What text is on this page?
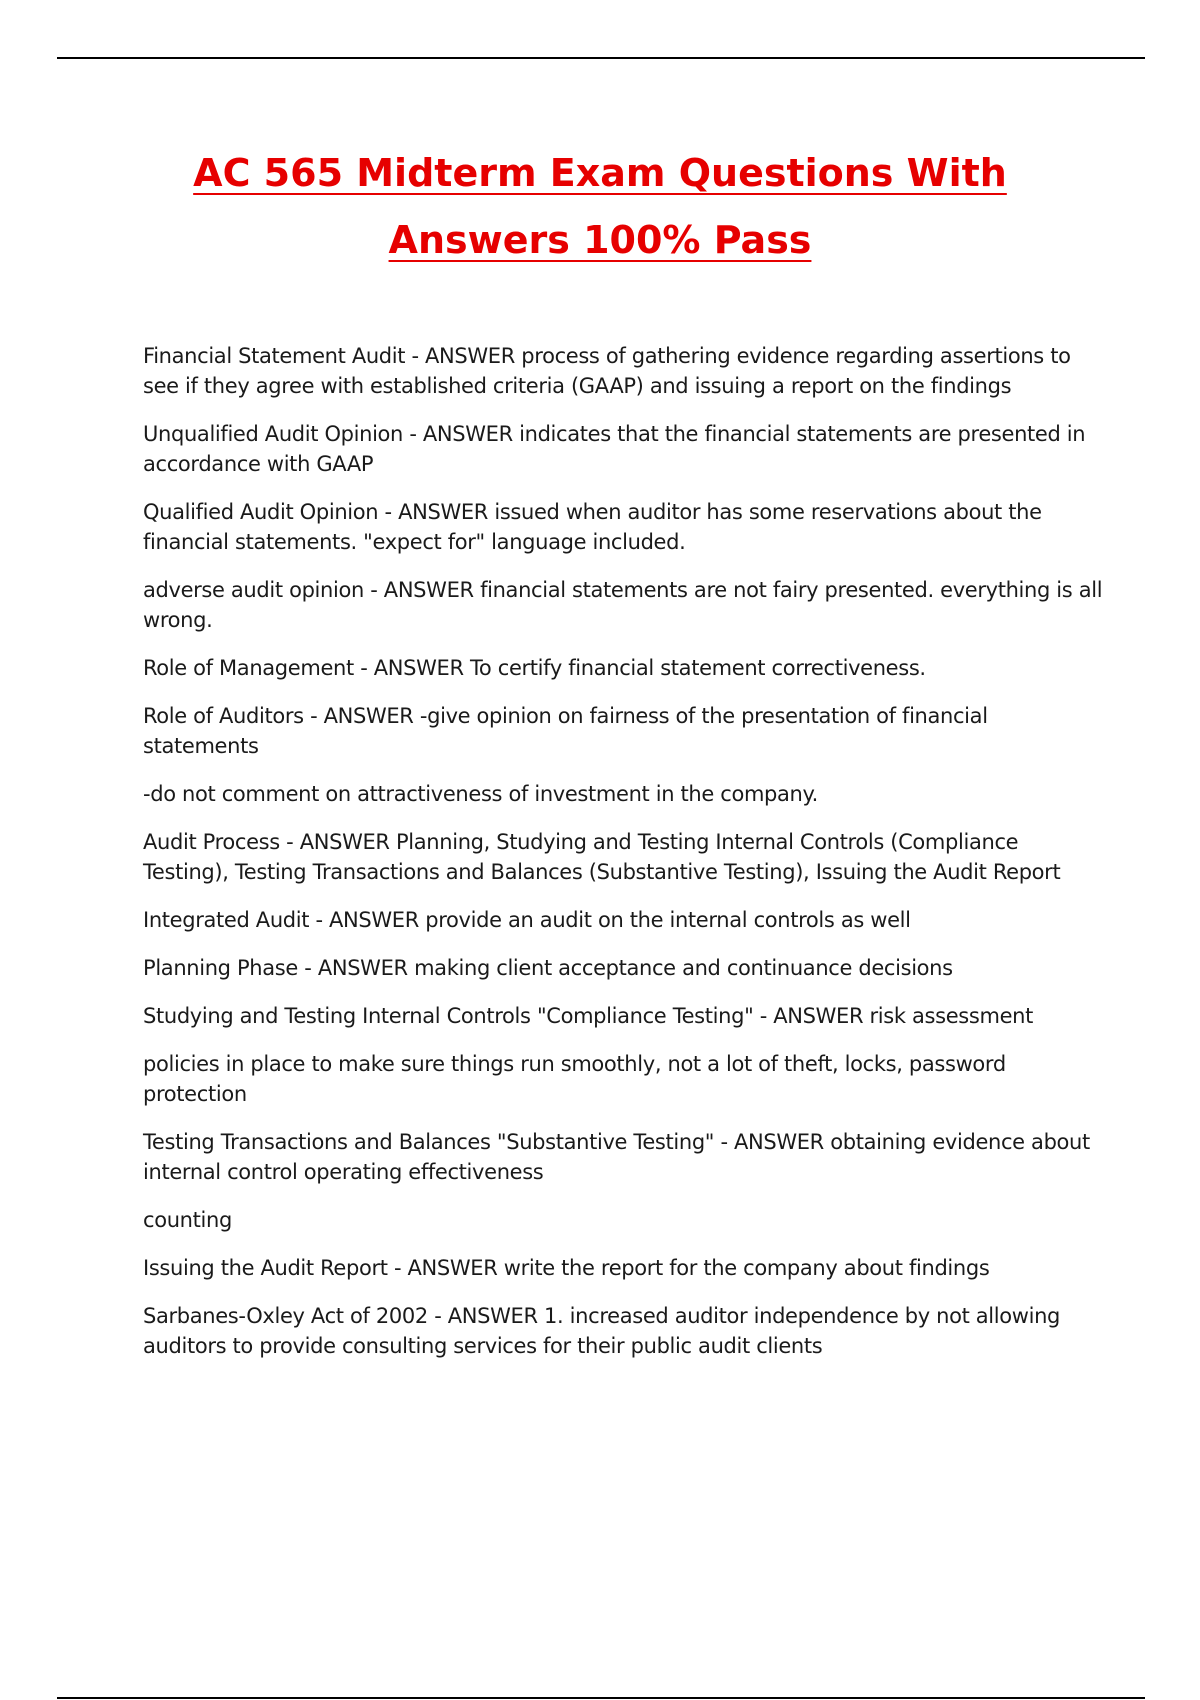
AC 565 Midterm Exam Questions With
Answers 100% Pass

Financial Statement Audit - ANSWER process of gathering evidence regarding assertions to see if they agree with established criteria (GAAP) and issuing a report on the findings

Unqualified Audit Opinion - ANSWER indicates that the financial statements are presented in accordance with GAAP

Qualified Audit Opinion - ANSWER issued when auditor has some reservations about the financial statements. "expect for" language included.

adverse audit opinion - ANSWER financial statements are not fairy presented. everything is all wrong.

Role of Management - ANSWER To certify financial statement correctiveness.

Role of Auditors - ANSWER -give opinion on fairness of the presentation of financial statements

-do not comment on attractiveness of investment in the company.

Audit Process - ANSWER Planning, Studying and Testing Internal Controls (Compliance Testing), Testing Transactions and Balances (Substantive Testing), Issuing the Audit Report

Integrated Audit - ANSWER provide an audit on the internal controls as well

Planning Phase - ANSWER making client acceptance and continuance decisions

Studying and Testing Internal Controls "Compliance Testing" - ANSWER risk assessment

policies in place to make sure things run smoothly, not a lot of theft, locks, password protection

Testing Transactions and Balances "Substantive Testing" - ANSWER obtaining evidence about internal control operating effectiveness

counting

Issuing the Audit Report - ANSWER write the report for the company about findings

Sarbanes-Oxley Act of 2002 - ANSWER 1. increased auditor independence by not allowing auditors to provide consulting services for their public audit clients
